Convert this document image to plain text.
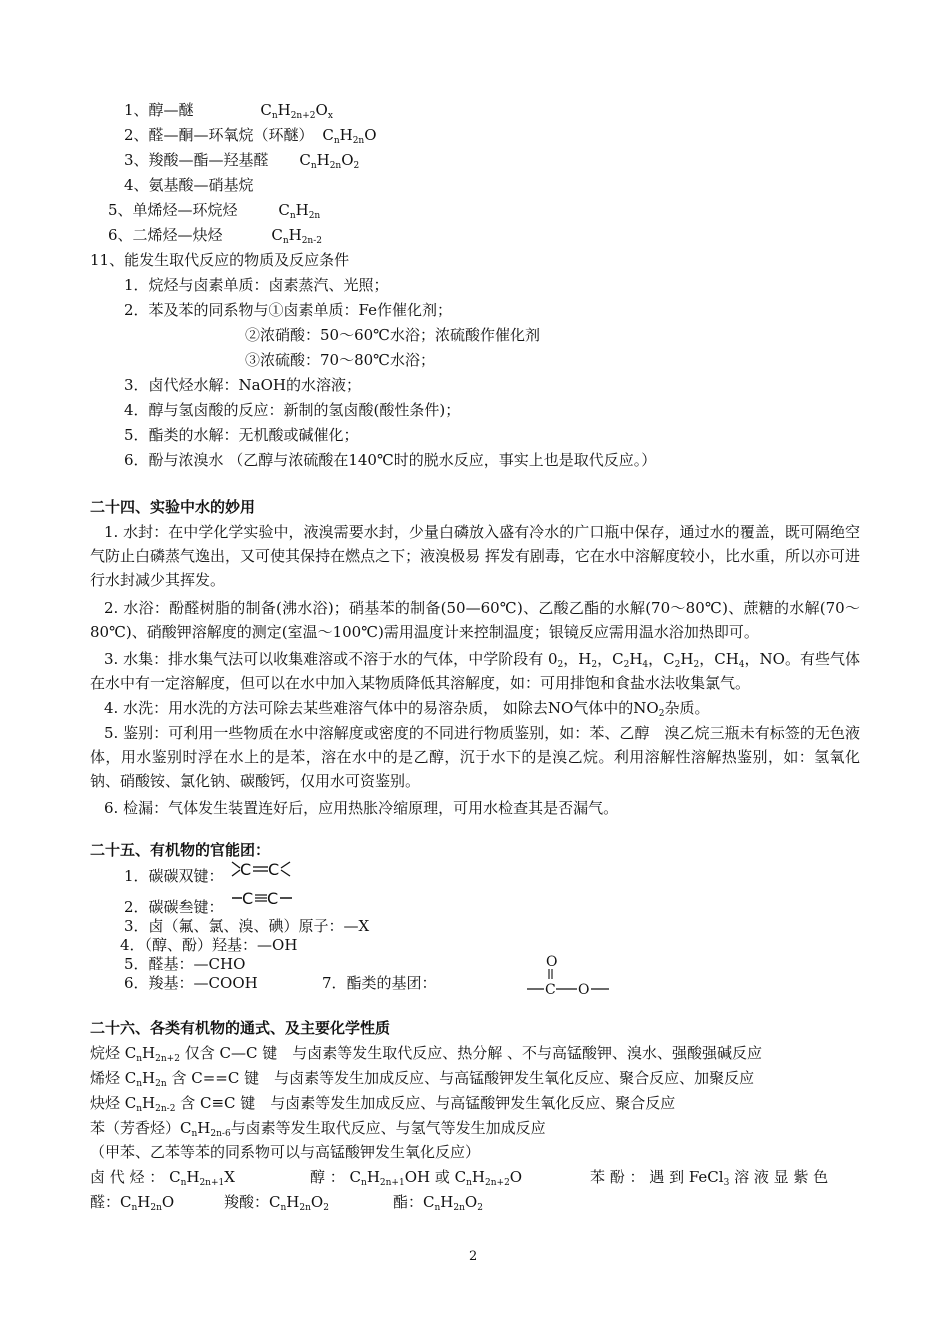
1、醇—醚	$C_nH_{2n+2}O_x$
2、醛—酮—环氧烷（环醚） $C_nH_{2n}O$
3、羧酸—酯—羟基醛 $C_nH_{2n}O_2$
4、氨基酸—硝基烷
5、单烯烃—环烷烃	$C_nH_{2n}$
6、二烯烃—炔烃	$C_nH_{2n-2}$
11、能发生取代反应的物质及反应条件
1．烷烃与卤素单质：卤素蒸汽、光照；
2．苯及苯的同系物与①卤素单质：Fe作催化剂；
②浓硝酸：50～60℃水浴；浓硫酸作催化剂
③浓硫酸：70～80℃水浴；
3．卤代烃水解：NaOH的水溶液；
4．醇与氢卤酸的反应：新制的氢卤酸(酸性条件)；
5．酯类的水解：无机酸或碱催化；
6．酚与浓溴水 （乙醇与浓硫酸在140℃时的脱水反应，事实上也是取代反应。）
二十四、实验中水的妙用
1. 水封：在中学化学实验中，液溴需要水封，少量白磷放入盛有冷水的广口瓶中保存，通过水的覆盖，既可隔绝空气防止白磷蒸气逸出，又可使其保持在燃点之下；液溴极易 挥发有剧毒，它在水中溶解度较小，比水重，所以亦可进行水封减少其挥发。
2. 水浴：酚醛树脂的制备(沸水浴)；硝基苯的制备(50—60℃)、乙酸乙酯的水解(70～80℃)、蔗糖的水解(70～80℃)、硝酸钾溶解度的测定(室温～100℃)需用温度计来控制温度；银镜反应需用温水浴加热即可。
3. 水集：排水集气法可以收集难溶或不溶于水的气体，中学阶段有 $0_2$，$H_2$，$C_2H_4$，$C_2H_2$，$CH_4$，NO。有些气体在水中有一定溶解度，但可以在水中加入某物质降低其溶解度，如：可用排饱和食盐水法收集氯气。
4. 水洗：用水洗的方法可除去某些难溶气体中的易溶杂质， 如除去NO气体中的$NO_2$杂质。
5. 鉴别：可利用一些物质在水中溶解度或密度的不同进行物质鉴别，如：苯、乙醇　溴乙烷三瓶未有标签的无色液体，用水鉴别时浮在水上的是苯，溶在水中的是乙醇，沉于水下的是溴乙烷。利用溶解性溶解热鉴别，如：氢氧化钠、硝酸铵、氯化钠、碳酸钙，仅用水可资鉴别。
6. 检漏：气体发生装置连好后，应用热胀冷缩原理，可用水检查其是否漏气。
二十五、有机物的官能团：
1．碳碳双键： C C
2．碳碳叁键： C C
3．卤（氟、氯、溴、碘）原子：—X
4．（醇、酚）羟基：—OH
5．醛基：—CHO
6．羧基：—COOH	7．酯类的基团：
O
C O
二十六、各类有机物的通式、及主要化学性质
烷烃 $C_nH_{2n+2}$ 仅含 C—C 键　与卤素等发生取代反应、热分解 、不与高锰酸钾、溴水、强酸强碱反应
烯烃 $C_nH_{2n}$ 含 C==C 键　与卤素等发生加成反应、与高锰酸钾发生氧化反应、聚合反应、加聚反应
炔烃 $C_nH_{2n-2}$ 含 C≡C 键　与卤素等发生加成反应、与高锰酸钾发生氧化反应、聚合反应
苯（芳香烃）$C_nH_{2n-6}$与卤素等发生取代反应、与氢气等发生加成反应
（甲苯、乙苯等苯的同系物可以与高锰酸钾发生氧化反应）
卤 代 烃 ： $C_nH_{2n+1}X$	醇 ： $C_nH_{2n+1}OH$ 或 $C_nH_{2n+2}O$	苯 酚 ： 遇 到 FeCl$_3$ 溶 液 显 紫 色
醛：$C_nH_{2n}O$	羧酸：$C_nH_{2n}O_2$	酯：$C_nH_{2n}O_2$
2
